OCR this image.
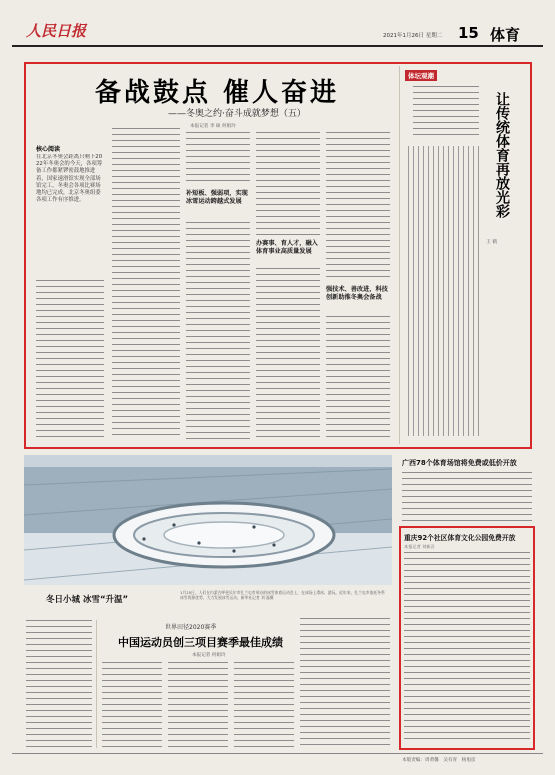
人民日报	2021年1月26日 星期二 15 体育
备战鼓点 催人奋进
——冬奥之约·奋斗成就梦想（五）
本报记者 李 硕 何娟玲
核心阅读
在北京冬奥会距离只剩下2022年冬奥会的今天，各项筹备工作都紧锣密鼓地推进着，国家速滑馆实现全部场馆完工，冬奥会各项比赛场地均已完成，北京冬奥组委各项工作有序推进。
补短板、强弱项，实现冰雪运动跨越式发展
办赛事、育人才，融入体育事业高质量发展
强技术、善改进，科技创新助推冬奥会备战
体坛观潮
让传统体育再放光彩
王 鹤
冬日小城 冰雪“升温”
1月25日，人们在内蒙古呼伦贝尔市扎兰屯市举办的冰雪体育运动会上，在冰场上滑冰、游玩。近年来，扎兰屯市依托冬季冰雪资源优势，大力发展冰雪运动。新华社记者 刘 磊摄
广西78个体育场馆将免费或低价开放
重庆92个社区体育文化公园免费开放
本报记者 刘新吾
世界田径2020赛季
中国运动员创三项目赛季最佳成绩
本报记者 何娟玲
本版责编：周黄馨　吴有青　杨旭彦
